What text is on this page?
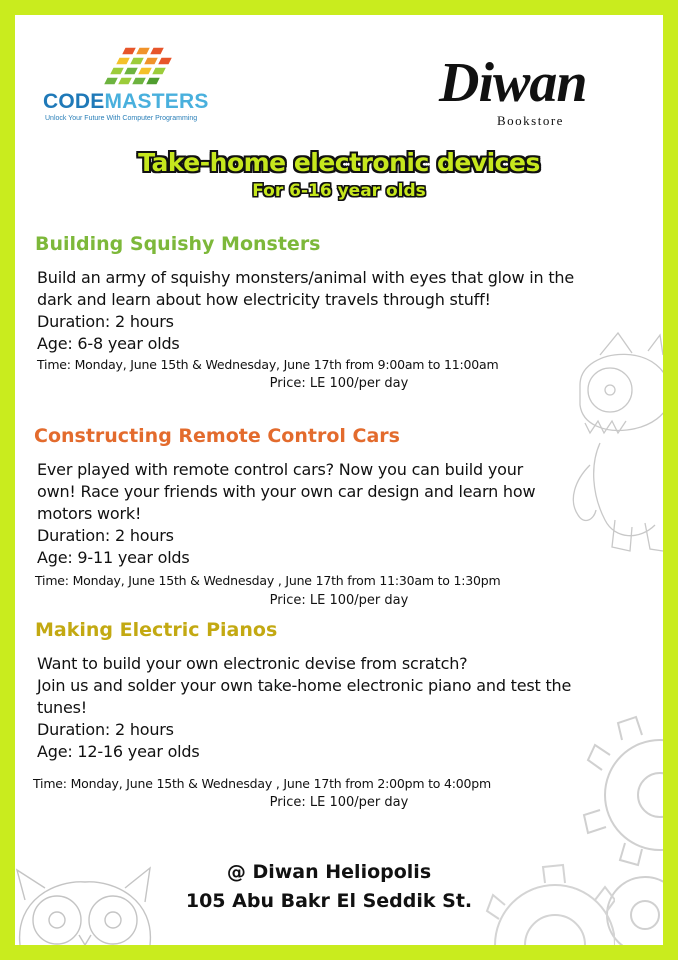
CODEMASTERS
Unlock Your Future With Computer Programming
Diwan
Bookstore
Take-home electronic devices
For 6-16 year olds
Building Squishy Monsters
Build an army of squishy monsters/animal with eyes that glow in the
dark and learn about how electricity travels through stuff!
Duration: 2 hours
Age: 6-8 year olds
Time: Monday, June 15th & Wednesday, June 17th from 9:00am to 11:00am
Price: LE 100/per day
Constructing Remote Control Cars
Ever played with remote control cars? Now you can build your
own! Race your friends with your own car design and learn how
motors work!
Duration: 2 hours
Age: 9-11 year olds
Time: Monday, June 15th & Wednesday , June 17th from 11:30am to 1:30pm
Price: LE 100/per day
Making Electric Pianos
Want to build your own electronic devise from scratch?
Join us and solder your own take-home electronic piano and test the
tunes!
Duration: 2 hours
Age: 12-16 year olds
Time: Monday, June 15th & Wednesday , June 17th from 2:00pm to 4:00pm
Price: LE 100/per day
@ Diwan Heliopolis
105 Abu Bakr El Seddik St.
